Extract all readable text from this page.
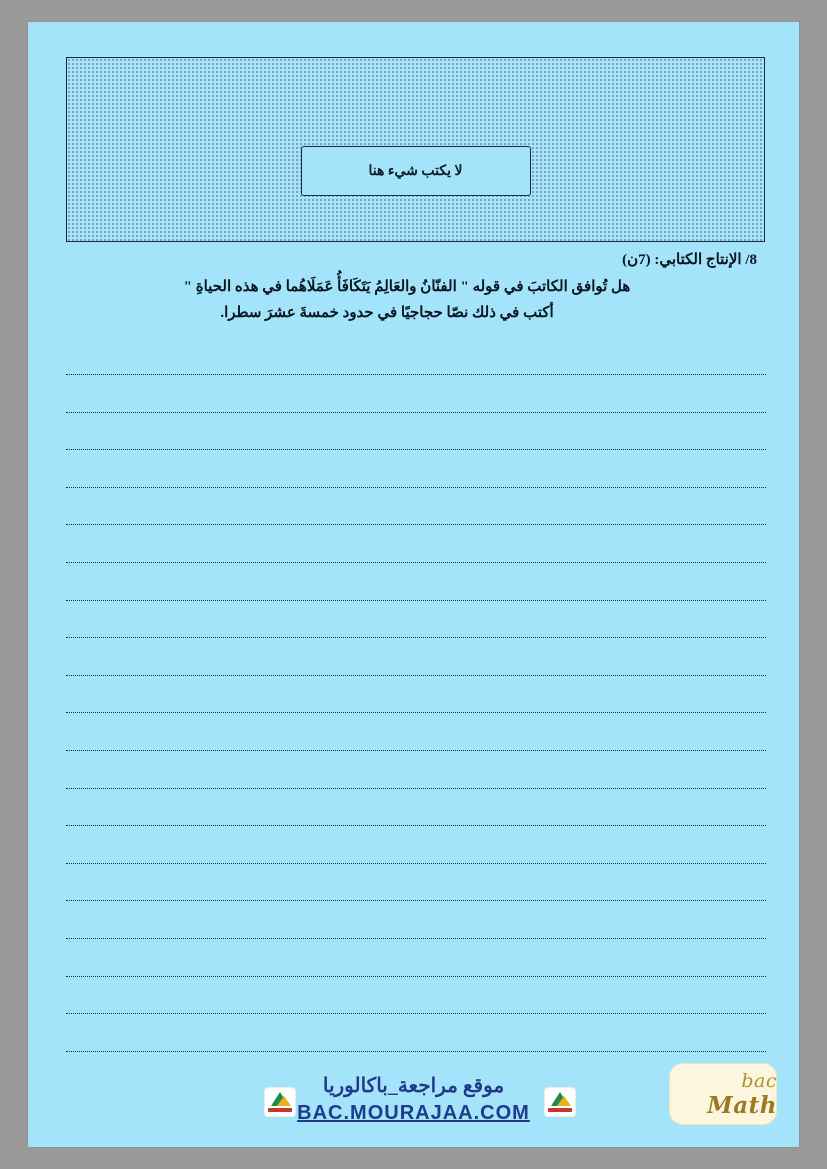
لا يكتب شيء هنا
8/ الإنتاج الكتابي: (7ن)
هل تُوافق الكاتبَ في قوله " الفنّانُ والعَالِمُ يَتَكَافَأُ عَمَلَاهُما في هذه الحياةِ "
أكتب في ذلك نصّا حجاجيًا في حدود خمسةَ عشرَ سطرا.
موقع مراجعة_باكالوريا
BAC.MOURAJAA.COM
bac Math
